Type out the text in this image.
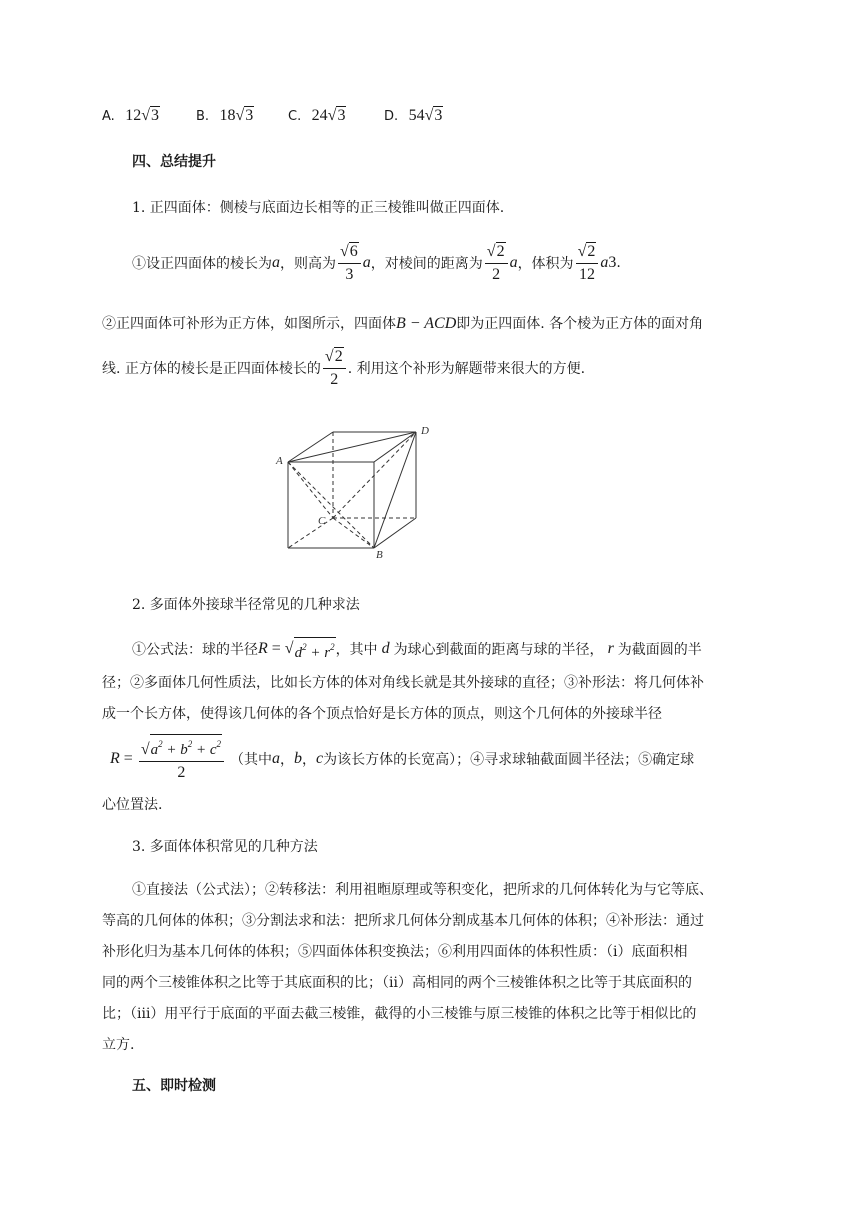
A. 12√3	B. 18√3	C. 24√3	D. 54√3
四、总结提升
1. 正四面体：侧棱与底面边长相等的正三棱锥叫做正四面体.
①设正四面体的棱长为 a ，则高为 $\frac{√6}{3}$ a ，对棱间的距离为 $\frac{√2}{2}$ a ，体积为 $\frac{√2}{12}$ a 3 .
②正四面体可补形为正方体，如图所示，四面体B − ACD即为正四面体. 各个棱为正方体的面对角
线. 正方体的棱长是正四面体棱长的 $\frac{√2}{2}$ . 利用这个补形为解题带来很大的方便.
A
D
C
B
2. 多面体外接球半径常见的几种求法
①公式法：球的半径 R = √ $d^2 + r^2$ ，其中 d 为球心到截面的距离与球的半径， r 为截面圆的半
径；②多面体几何性质法，比如长方体的体对角线长就是其外接球的直径；③补形法：将几何体补
成一个长方体，使得该几何体的各个顶点恰好是长方体的顶点，则这个几何体的外接球半径
$R = \frac{√a^2 + b^2 + c^2}{2}$ （其中 a ， b ， c 为该长方体的长宽高）；④寻求球轴截面圆半径法；⑤确定球
心位置法.
3. 多面体体积常见的几种方法
①直接法（公式法）；②转移法：利用祖暅原理或等积变化，把所求的几何体转化为与它等底、
等高的几何体的体积；③分割法求和法：把所求几何体分割成基本几何体的体积；④补形法：通过
补形化归为基本几何体的体积；⑤四面体体积变换法；⑥利用四面体的体积性质：（ⅰ）底面积相
同的两个三棱锥体积之比等于其底面积的比；（ⅱ）高相同的两个三棱锥体积之比等于其底面积的
比；（ⅲ）用平行于底面的平面去截三棱锥，截得的小三棱锥与原三棱锥的体积之比等于相似比的
立方.
五、即时检测
